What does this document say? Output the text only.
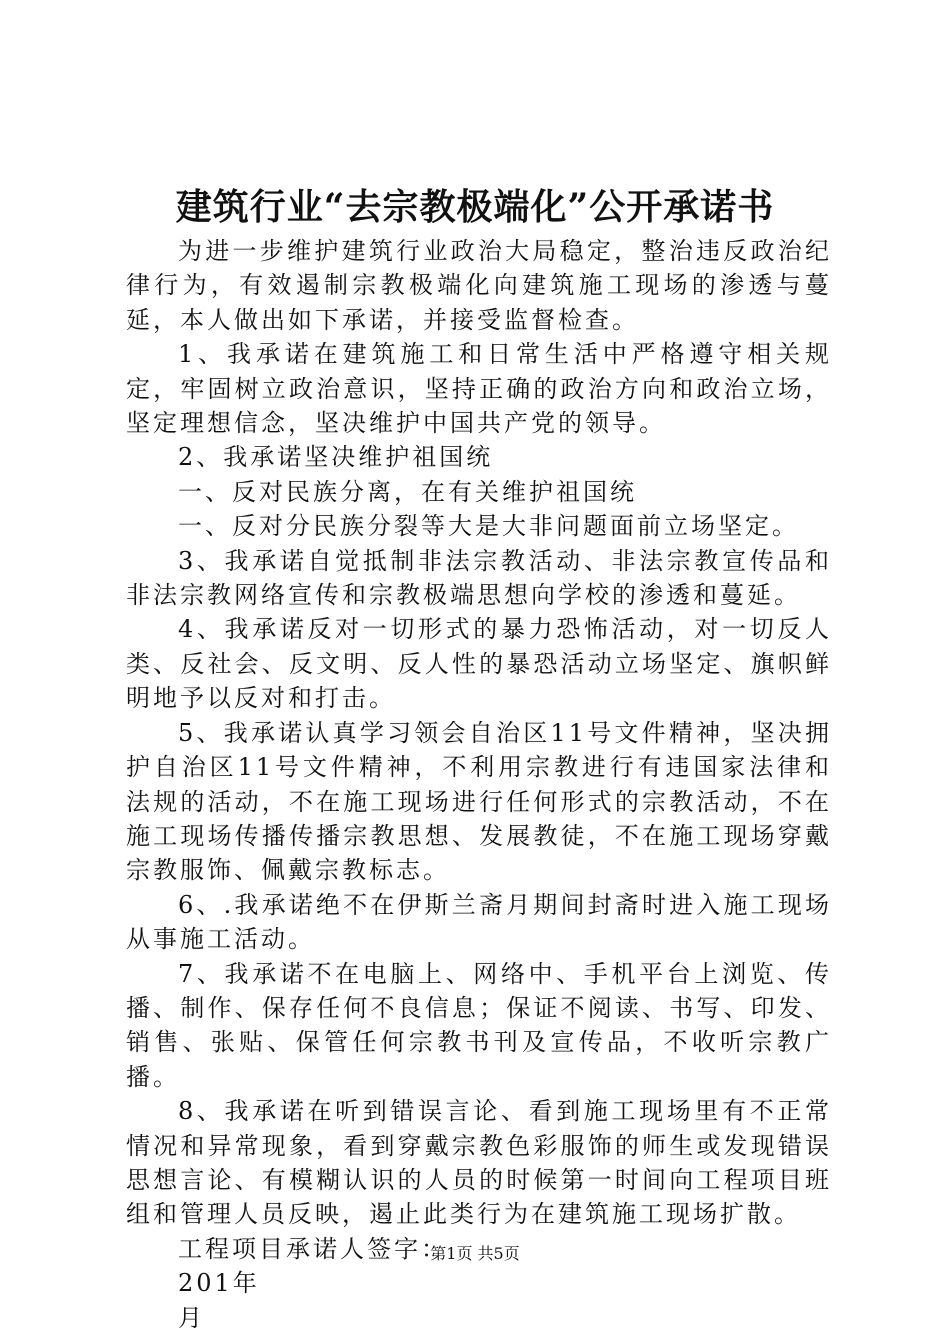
建筑行业“去宗教极端化”公开承诺书

为进一步维护建筑行业政治大局稳定，整治违反政治纪律行为，有效遏制宗教极端化向建筑施工现场的渗透与蔓延，本人做出如下承诺，并接受监督检查。

1、我承诺在建筑施工和日常生活中严格遵守相关规定，牢固树立政治意识，坚持正确的政治方向和政治立场，坚定理想信念，坚决维护中国共产党的领导。

2、我承诺坚决维护祖国统

一、反对民族分离，在有关维护祖国统

一、反对分民族分裂等大是大非问题面前立场坚定。

3、我承诺自觉抵制非法宗教活动、非法宗教宣传品和非法宗教网络宣传和宗教极端思想向学校的渗透和蔓延。

4、我承诺反对一切形式的暴力恐怖活动，对一切反人类、反社会、反文明、反人性的暴恐活动立场坚定、旗帜鲜明地予以反对和打击。

5、我承诺认真学习领会自治区11号文件精神，坚决拥护自治区11号文件精神，不利用宗教进行有违国家法律和法规的活动，不在施工现场进行任何形式的宗教活动，不在施工现场传播传播宗教思想、发展教徒，不在施工现场穿戴宗教服饰、佩戴宗教标志。

6、.我承诺绝不在伊斯兰斋月期间封斋时进入施工现场从事施工活动。

7、我承诺不在电脑上、网络中、手机平台上浏览、传播、制作、保存任何不良信息；保证不阅读、书写、印发、销售、张贴、保管任何宗教书刊及宣传品，不收听宗教广播。

8、我承诺在听到错误言论、看到施工现场里有不正常情况和异常现象，看到穿戴宗教色彩服饰的师生或发现错误思想言论、有模糊认识的人员的时候第一时间向工程项目班组和管理人员反映，遏止此类行为在建筑施工现场扩散。

工程项目承诺人签字：

201年

月

第1页 共5页
